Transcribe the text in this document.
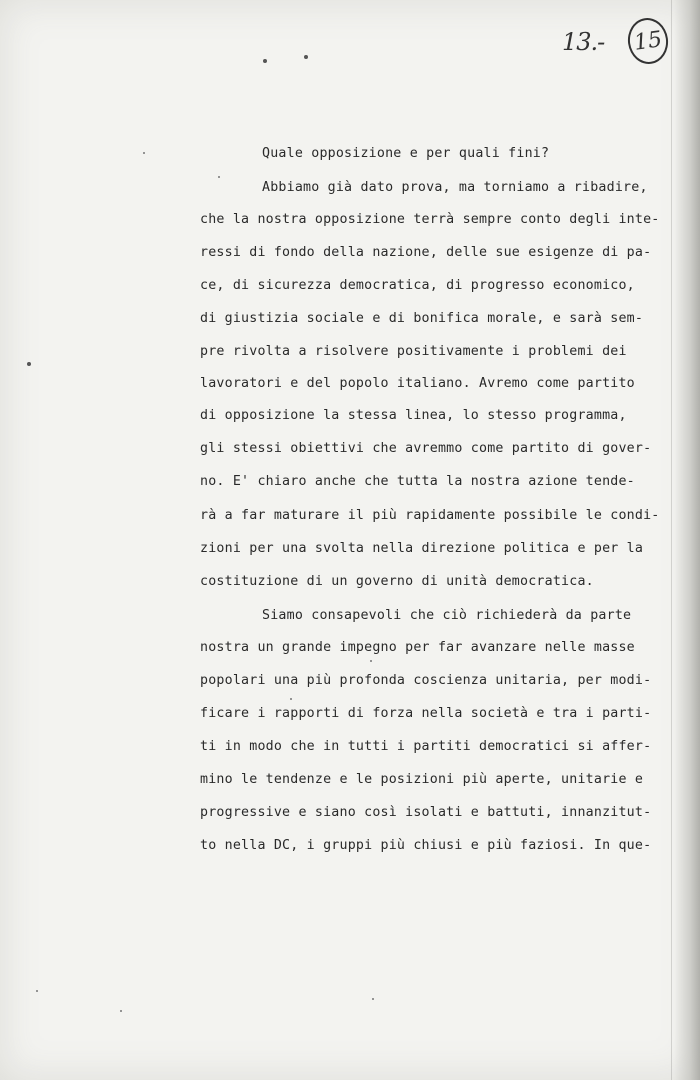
13.- 15
Quale opposizione e per quali fini?
Abbiamo già dato prova, ma torniamo a ribadire,
che la nostra opposizione terrà sempre conto degli inte-
ressi di fondo della nazione, delle sue esigenze di pa-
ce, di sicurezza democratica, di progresso economico,
di giustizia sociale e di bonifica morale, e sarà sem-
pre rivolta a risolvere positivamente i problemi dei
lavoratori e del popolo italiano. Avremo come partito
di opposizione la stessa linea, lo stesso programma,
gli stessi obiettivi che avremmo come partito di gover-
no. E' chiaro anche che tutta la nostra azione tende-
rà a far maturare il più rapidamente possibile le condi-
zioni per una svolta nella direzione politica e per la
costituzione di un governo di unità democratica.
Siamo consapevoli che ciò richiederà da parte
nostra un grande impegno per far avanzare nelle masse
popolari una più profonda coscienza unitaria, per modi-
ficare i rapporti di forza nella società e tra i parti-
ti in modo che in tutti i partiti democratici si affer-
mino le tendenze e le posizioni più aperte, unitarie e
progressive e siano così isolati e battuti, innanzitut-
to nella DC, i gruppi più chiusi e più faziosi. In que-
